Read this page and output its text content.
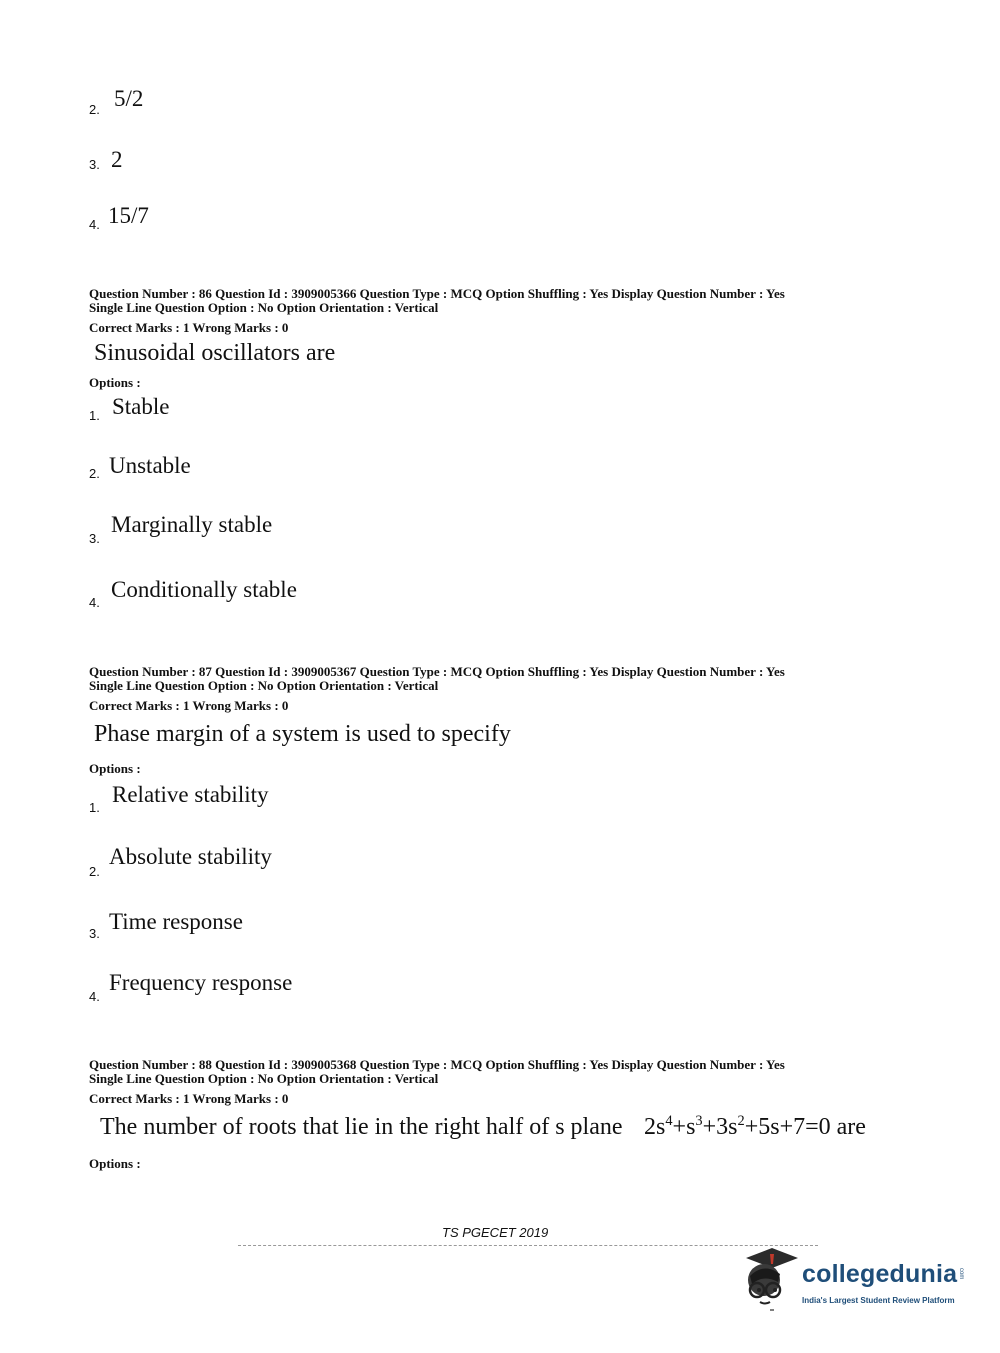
2. 5/2
3. 2
4. 15/7
Question Number : 86 Question Id : 3909005366 Question Type : MCQ Option Shuffling : Yes Display Question Number : Yes
Single Line Question Option : No Option Orientation : Vertical
Correct Marks : 1 Wrong Marks : 0
Sinusoidal oscillators are
Options :
1. Stable
2. Unstable
3.
Marginally stable
4.
Conditionally stable
Question Number : 87 Question Id : 3909005367 Question Type : MCQ Option Shuffling : Yes Display Question Number : Yes
Single Line Question Option : No Option Orientation : Vertical
Correct Marks : 1 Wrong Marks : 0
Phase margin of a system is used to specify
Options :
1.
Relative stability
2.
Absolute stability
3. Time response
4.
Frequency response
Question Number : 88 Question Id : 3909005368 Question Type : MCQ Option Shuffling : Yes Display Question Number : Yes
Single Line Question Option : No Option Orientation : Vertical
Correct Marks : 1 Wrong Marks : 0
The number of roots that lie in the right half of s plane $2s^4+s^3+3s^2+5s+7=0$ are
Options :
TS PGECET 2019
collegedunia com
India's Largest Student Review Platform
